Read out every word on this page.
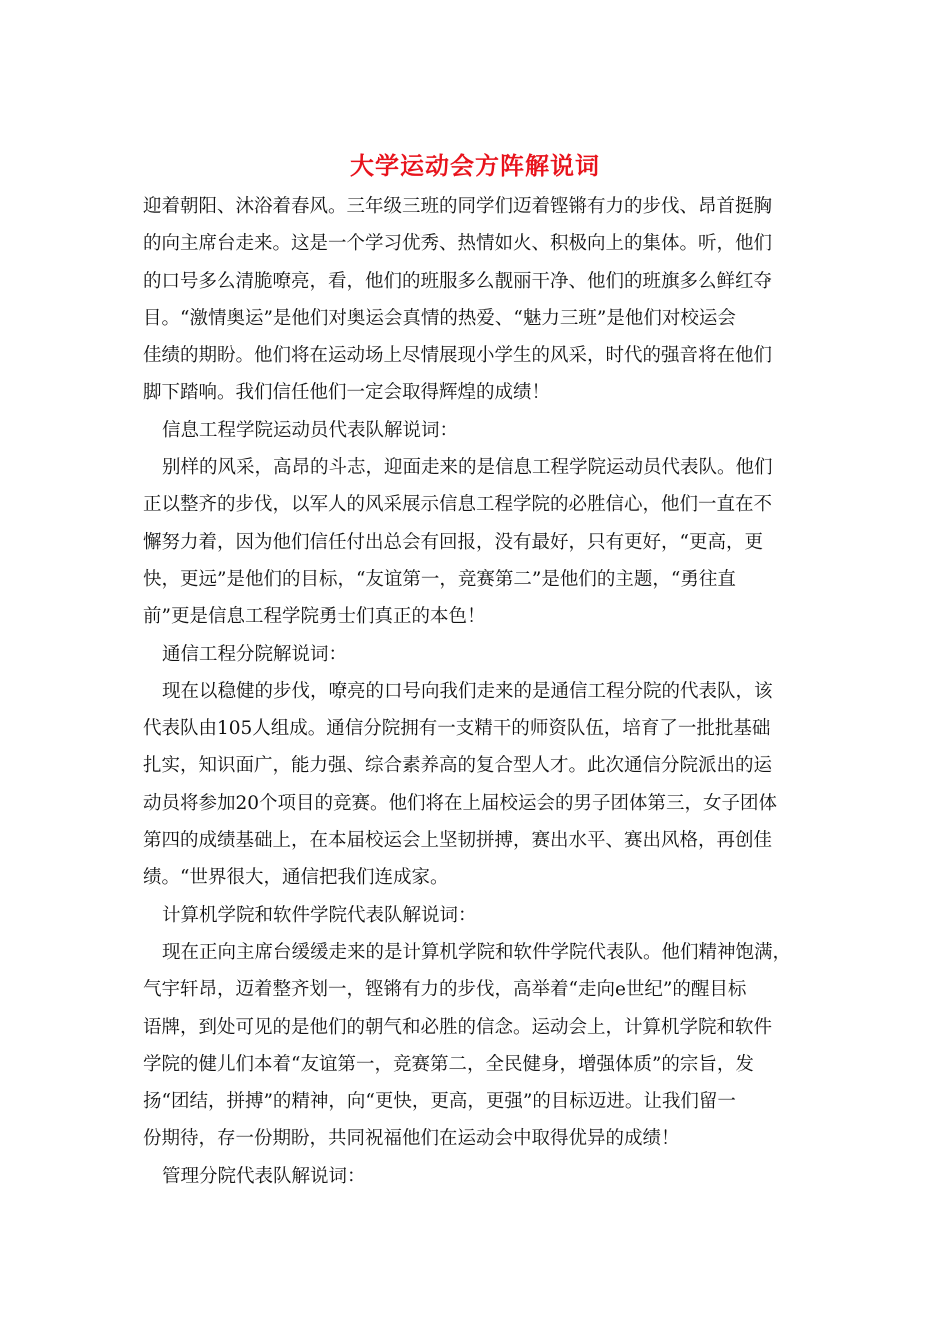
大学运动会方阵解说词
迎着朝阳、沐浴着春风。三年级三班的同学们迈着铿锵有力的步伐、昂首挺胸
的向主席台走来。这是一个学习优秀、热情如火、积极向上的集体。听，他们
的口号多么清脆嘹亮，看，他们的班服多么靓丽干净、他们的班旗多么鲜红夺
目。“激情奥运”是他们对奥运会真情的热爱、“魅力三班”是他们对校运会
佳绩的期盼。他们将在运动场上尽情展现小学生的风采，时代的强音将在他们
脚下踏响。我们信任他们一定会取得辉煌的成绩！
信息工程学院运动员代表队解说词：
别样的风采，高昂的斗志，迎面走来的是信息工程学院运动员代表队。他们
正以整齐的步伐，以军人的风采展示信息工程学院的必胜信心，他们一直在不
懈努力着，因为他们信任付出总会有回报，没有最好，只有更好，“更高，更
快，更远”是他们的目标，“友谊第一，竞赛第二”是他们的主题，“勇往直
前”更是信息工程学院勇士们真正的本色！
通信工程分院解说词：
现在以稳健的步伐，嘹亮的口号向我们走来的是通信工程分院的代表队，该
代表队由105人组成。通信分院拥有一支精干的师资队伍，培育了一批批基础
扎实，知识面广，能力强、综合素养高的复合型人才。此次通信分院派出的运
动员将参加20个项目的竞赛。他们将在上届校运会的男子团体第三，女子团体
第四的成绩基础上，在本届校运会上坚韧拼搏，赛出水平、赛出风格，再创佳
绩。“世界很大，通信把我们连成家。
计算机学院和软件学院代表队解说词：
现在正向主席台缓缓走来的是计算机学院和软件学院代表队。他们精神饱满，
气宇轩昂，迈着整齐划一，铿锵有力的步伐，高举着“走向e世纪”的醒目标
语牌，到处可见的是他们的朝气和必胜的信念。运动会上，计算机学院和软件
学院的健儿们本着“友谊第一，竞赛第二，全民健身，增强体质”的宗旨，发
扬“团结，拼搏”的精神，向“更快，更高，更强”的目标迈进。让我们留一
份期待，存一份期盼，共同祝福他们在运动会中取得优异的成绩！
管理分院代表队解说词：
